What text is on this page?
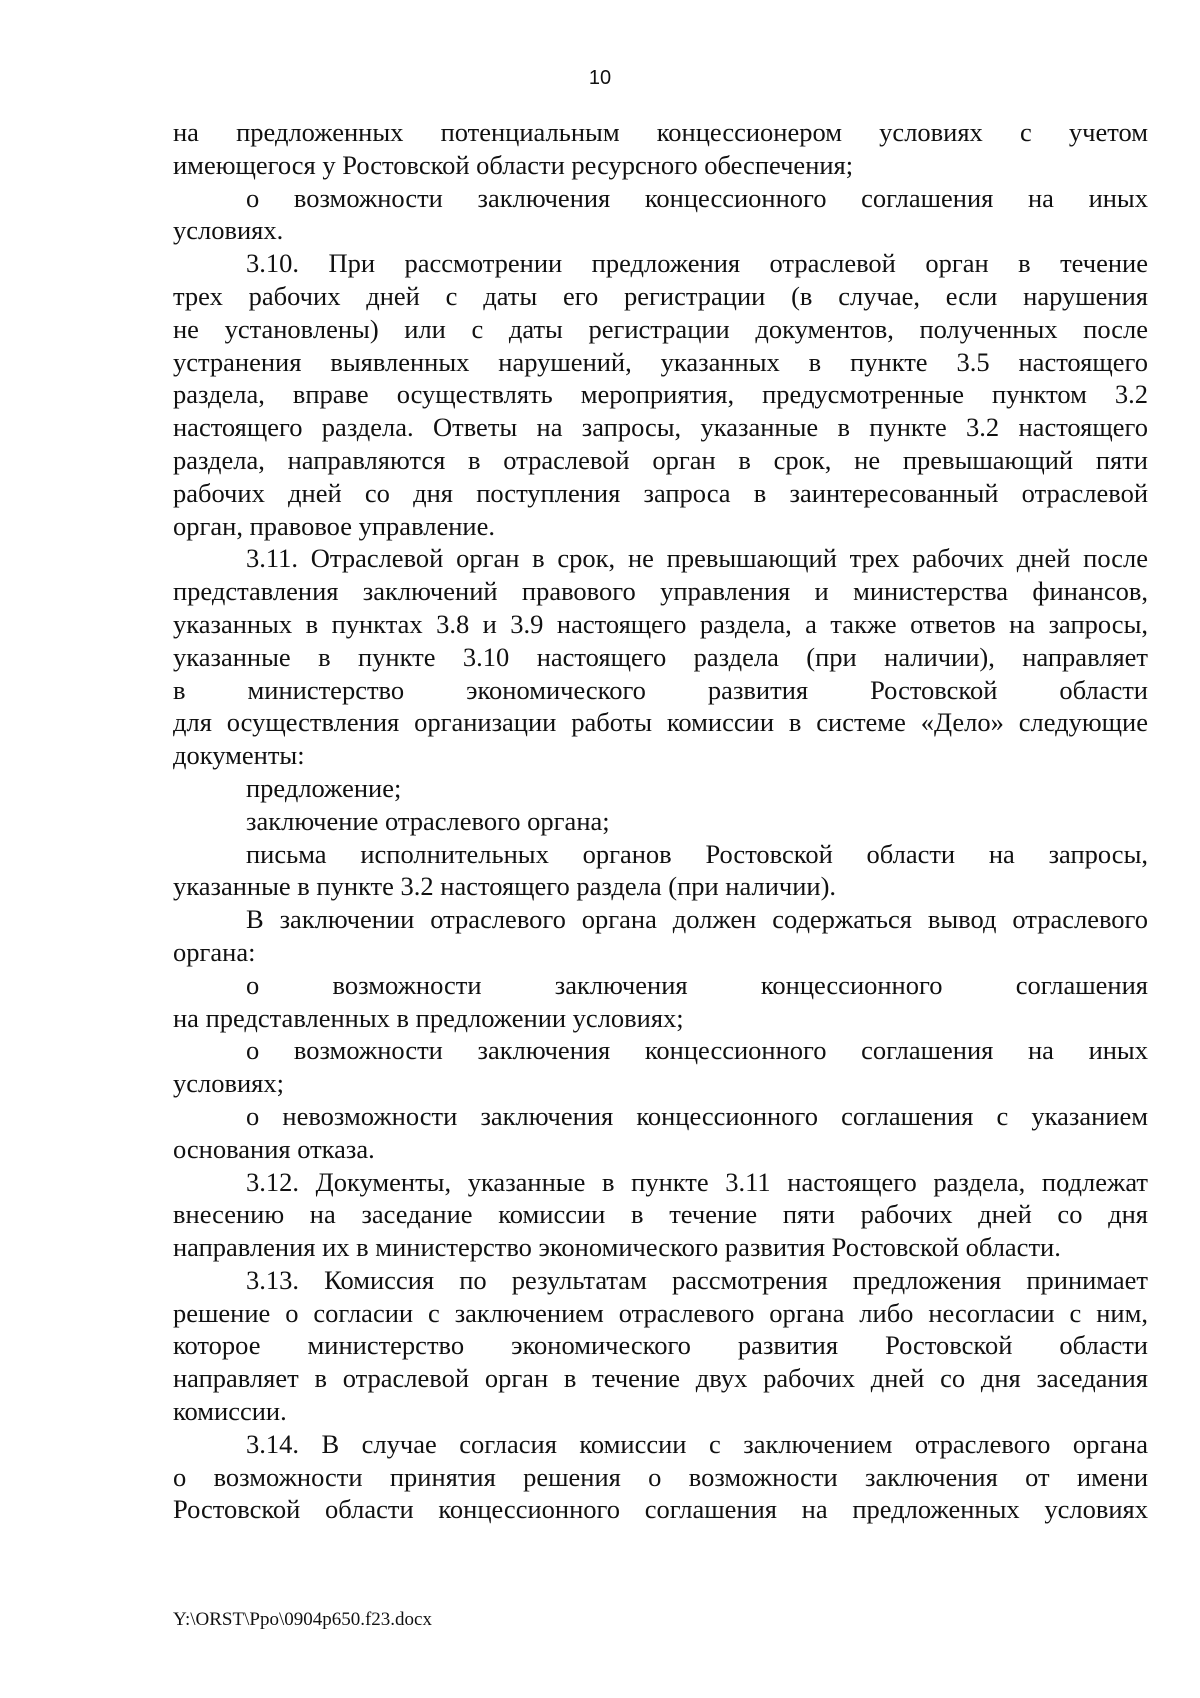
10
на предложенных потенциальным концессионером условиях с учетом
имеющегося у Ростовской области ресурсного обеспечения;
о возможности заключения концессионного соглашения на иных
условиях.
3.10. При рассмотрении предложения отраслевой орган в течение
трех рабочих дней с даты его регистрации (в случае, если нарушения
не установлены) или с даты регистрации документов, полученных после
устранения выявленных нарушений, указанных в пункте 3.5 настоящего
раздела, вправе осуществлять мероприятия, предусмотренные пунктом 3.2
настоящего раздела. Ответы на запросы, указанные в пункте 3.2 настоящего
раздела, направляются в отраслевой орган в срок, не превышающий пяти
рабочих дней со дня поступления запроса в заинтересованный отраслевой
орган, правовое управление.
3.11. Отраслевой орган в срок, не превышающий трех рабочих дней после
представления заключений правового управления и министерства финансов,
указанных в пунктах 3.8 и 3.9 настоящего раздела, а также ответов на запросы,
указанные в пункте 3.10 настоящего раздела (при наличии), направляет
в министерство экономического развития Ростовской области
для осуществления организации работы комиссии в системе «Дело» следующие
документы:
предложение;
заключение отраслевого органа;
письма исполнительных органов Ростовской области на запросы,
указанные в пункте 3.2 настоящего раздела (при наличии).
В заключении отраслевого органа должен содержаться вывод отраслевого
органа:
о возможности заключения концессионного соглашения
на представленных в предложении условиях;
о возможности заключения концессионного соглашения на иных
условиях;
о невозможности заключения концессионного соглашения с указанием
основания отказа.
3.12. Документы, указанные в пункте 3.11 настоящего раздела, подлежат
внесению на заседание комиссии в течение пяти рабочих дней со дня
направления их в министерство экономического развития Ростовской области.
3.13. Комиссия по результатам рассмотрения предложения принимает
решение о согласии с заключением отраслевого органа либо несогласии с ним,
которое министерство экономического развития Ростовской области
направляет в отраслевой орган в течение двух рабочих дней со дня заседания
комиссии.
3.14. В случае согласия комиссии с заключением отраслевого органа
о возможности принятия решения о возможности заключения от имени
Ростовской области концессионного соглашения на предложенных условиях
Y:\ORST\Ppo\0904p650.f23.docx
